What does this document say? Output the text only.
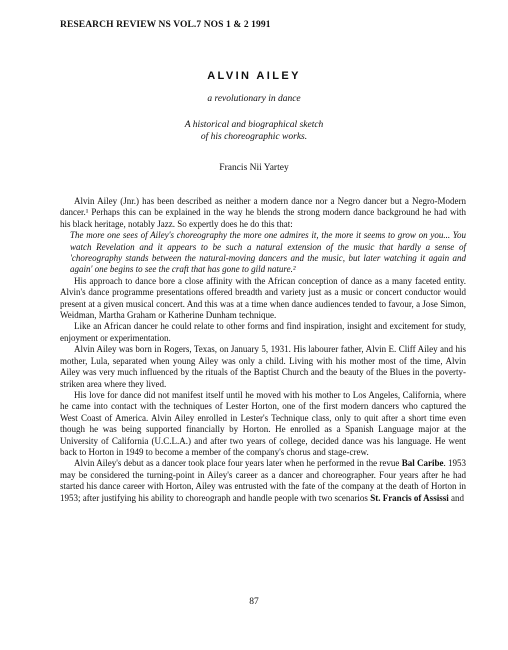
RESEARCH REVIEW NS VOL.7 NOS 1 & 2 1991
ALVIN AILEY
a revolutionary in dance
A historical and biographical sketch
of his choreographic works.
Francis Nii Yartey

Alvin Ailey (Jnr.) has been described as neither a modern dance nor a Negro dancer but a Negro-Modern dancer.¹ Perhaps this can be explained in the way he blends the strong modern dance background he had with his black heritage, notably Jazz. So expertly does he do this that:

The more one sees of Ailey's choreography the more one admires it, the more it seems to grow on you... You watch Revelation and it appears to be such a natural extension of the music that hardly a sense of 'choreography stands between the natural-moving dancers and the music, but later watching it again and again' one begins to see the craft that has gone to gild nature.²

His approach to dance bore a close affinity with the African conception of dance as a many faceted entity. Alvin's dance programme presentations offered breadth and variety just as a music or concert conductor would present at a given musical concert. And this was at a time when dance audiences tended to favour, a Jose Simon, Weidman, Martha Graham or Katherine Dunham technique.

Like an African dancer he could relate to other forms and find inspiration, insight and excitement for study, enjoyment or experimentation.

Alvin Ailey was born in Rogers, Texas, on January 5, 1931. His labourer father, Alvin E. Cliff Ailey and his mother, Lula, separated when young Ailey was only a child. Living with his mother most of the time, Alvin Ailey was very much influenced by the rituals of the Baptist Church and the beauty of the Blues in the poverty-striken area where they lived.

His love for dance did not manifest itself until he moved with his mother to Los Angeles, California, where he came into contact with the techniques of Lester Horton, one of the first modern dancers who captured the West Coast of America. Alvin Ailey enrolled in Lester's Technique class, only to quit after a short time even though he was being supported financially by Horton. He enrolled as a Spanish Language major at the University of California (U.C.L.A.) and after two years of college, decided dance was his language. He went back to Horton in 1949 to become a member of the company's chorus and stage-crew.

Alvin Ailey's debut as a dancer took place four years later when he performed in the revue Bal Caribe. 1953 may be considered the turning-point in Ailey's career as a dancer and choreographer. Four years after he had started his dance career with Horton, Ailey was entrusted with the fate of the company at the death of Horton in 1953; after justifying his ability to choreograph and handle people with two scenarios St. Francis of Assissi and

87
